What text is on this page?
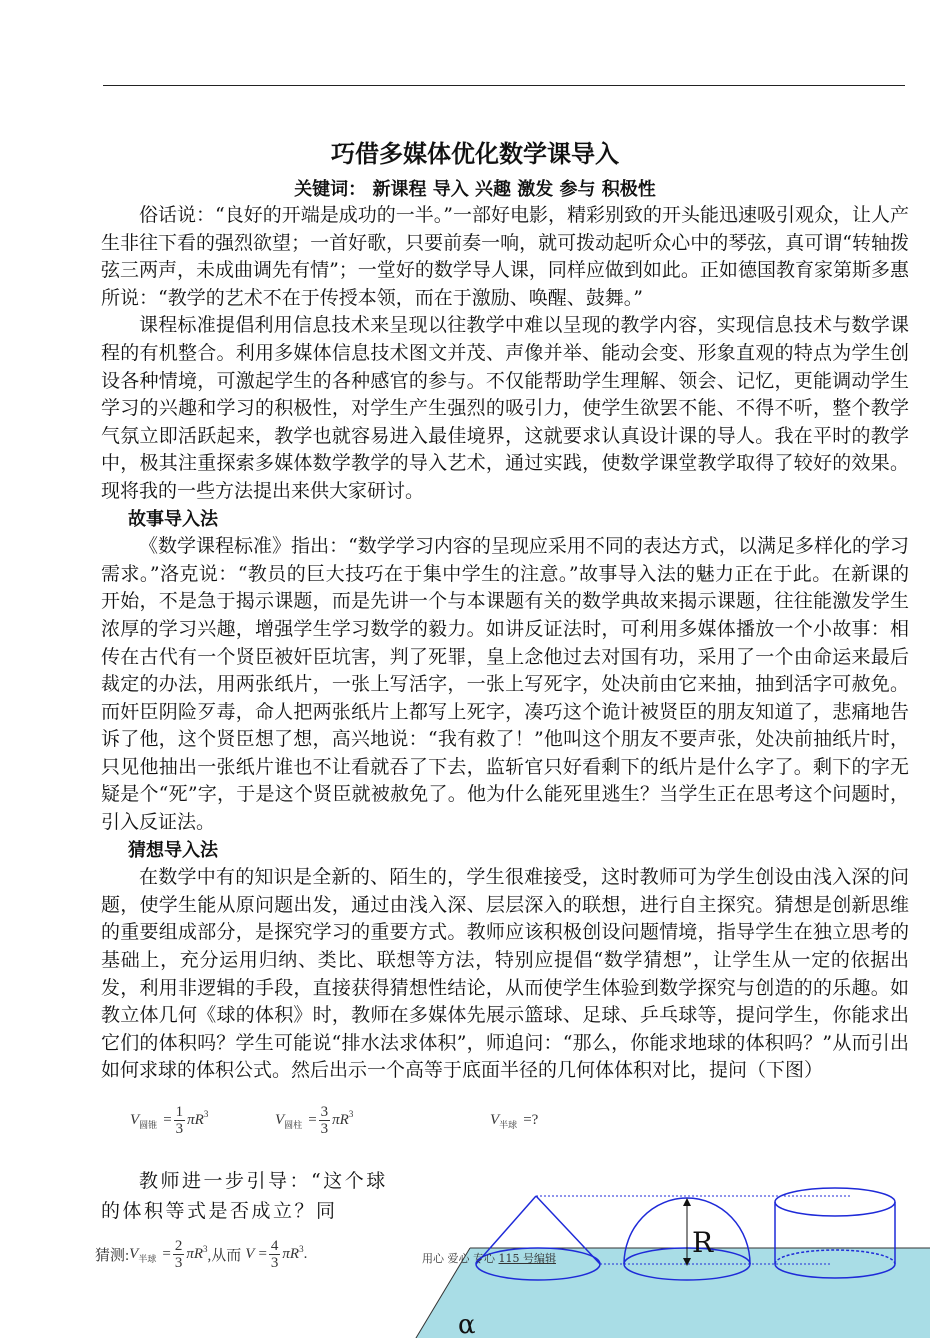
巧借多媒体优化数学课导入
关键词： 新课程 导入 兴趣 激发 参与 积极性

俗话说：“良好的开端是成功的一半。”一部好电影，精彩别致的开头能迅速吸引观众，让人产生非往下看的强烈欲望；一首好歌，只要前奏一响，就可拨动起听众心中的琴弦，真可谓“转轴拨弦三两声，未成曲调先有情”；一堂好的数学导人课，同样应做到如此。正如德国教育家第斯多惠所说：“教学的艺术不在于传授本领，而在于激励、唤醒、鼓舞。”

课程标准提倡利用信息技术来呈现以往教学中难以呈现的教学内容，实现信息技术与数学课程的有机整合。利用多媒体信息技术图文并茂、声像并举、能动会变、形象直观的特点为学生创设各种情境，可激起学生的各种感官的参与。不仅能帮助学生理解、领会、记忆，更能调动学生学习的兴趣和学习的积极性，对学生产生强烈的吸引力，使学生欲罢不能、不得不听，整个教学气氛立即活跃起来，教学也就容易进入最佳境界，这就要求认真设计课的导人。我在平时的教学中，极其注重探索多媒体数学教学的导入艺术，通过实践，使数学课堂教学取得了较好的效果。现将我的一些方法提出来供大家研讨。

故事导入法

《数学课程标准》指出：“数学学习内容的呈现应采用不同的表达方式，以满足多样化的学习需求。”洛克说：“教员的巨大技巧在于集中学生的注意。”故事导入法的魅力正在于此。在新课的开始，不是急于揭示课题，而是先讲一个与本课题有关的数学典故来揭示课题，往往能激发学生浓厚的学习兴趣，增强学生学习数学的毅力。如讲反证法时，可利用多媒体播放一个小故事：相传在古代有一个贤臣被奸臣坑害，判了死罪，皇上念他过去对国有功，采用了一个由命运来最后裁定的办法，用两张纸片，一张上写活字，一张上写死字，处决前由它来抽，抽到活字可赦免。而奸臣阴险歹毒，命人把两张纸片上都写上死字，凑巧这个诡计被贤臣的朋友知道了，悲痛地告诉了他，这个贤臣想了想，高兴地说：“我有救了！”他叫这个朋友不要声张，处决前抽纸片时，只见他抽出一张纸片谁也不让看就吞了下去，监斩官只好看剩下的纸片是什么字了。剩下的字无疑是个“死”字，于是这个贤臣就被赦免了。他为什么能死里逃生？当学生正在思考这个问题时，引入反证法。

猜想导入法

在数学中有的知识是全新的、陌生的，学生很难接受，这时教师可为学生创设由浅入深的问题，使学生能从原问题出发，通过由浅入深、层层深入的联想，进行自主探究。猜想是创新思维的重要组成部分，是探究学习的重要方式。教师应该积极创设问题情境，指导学生在独立思考的基础上，充分运用归纳、类比、联想等方法，特别应提倡“数学猜想”，让学生从一定的依据出发，利用非逻辑的手段，直接获得猜想性结论，从而使学生体验到数学探究与创造的的乐趣。如教立体几何《球的体积》时，教师在多媒体先展示篮球、足球、乒乓球等，提问学生，你能求出它们的体积吗？学生可能说“排水法求体积”，师追问：“那么，你能求地球的体积吗？”从而引出如何求球的体积公式。然后出示一个高等于底面半径的几何体体积对比，提问（下图）

V 圆锥 = $\frac{1}{3}$ πR 3	V 圆柱 = $\frac{3}{3}$ πR 3	V 半球 =?
教师进一步引导：“这个球的体积等式是否成立？同
猜测: V 半球 = $\frac{2}{3}$ πR 3 ,从而 $V = \frac{4}{3}$ πR 3 .
α
R
用心 爱心 专心 115 号编辑
